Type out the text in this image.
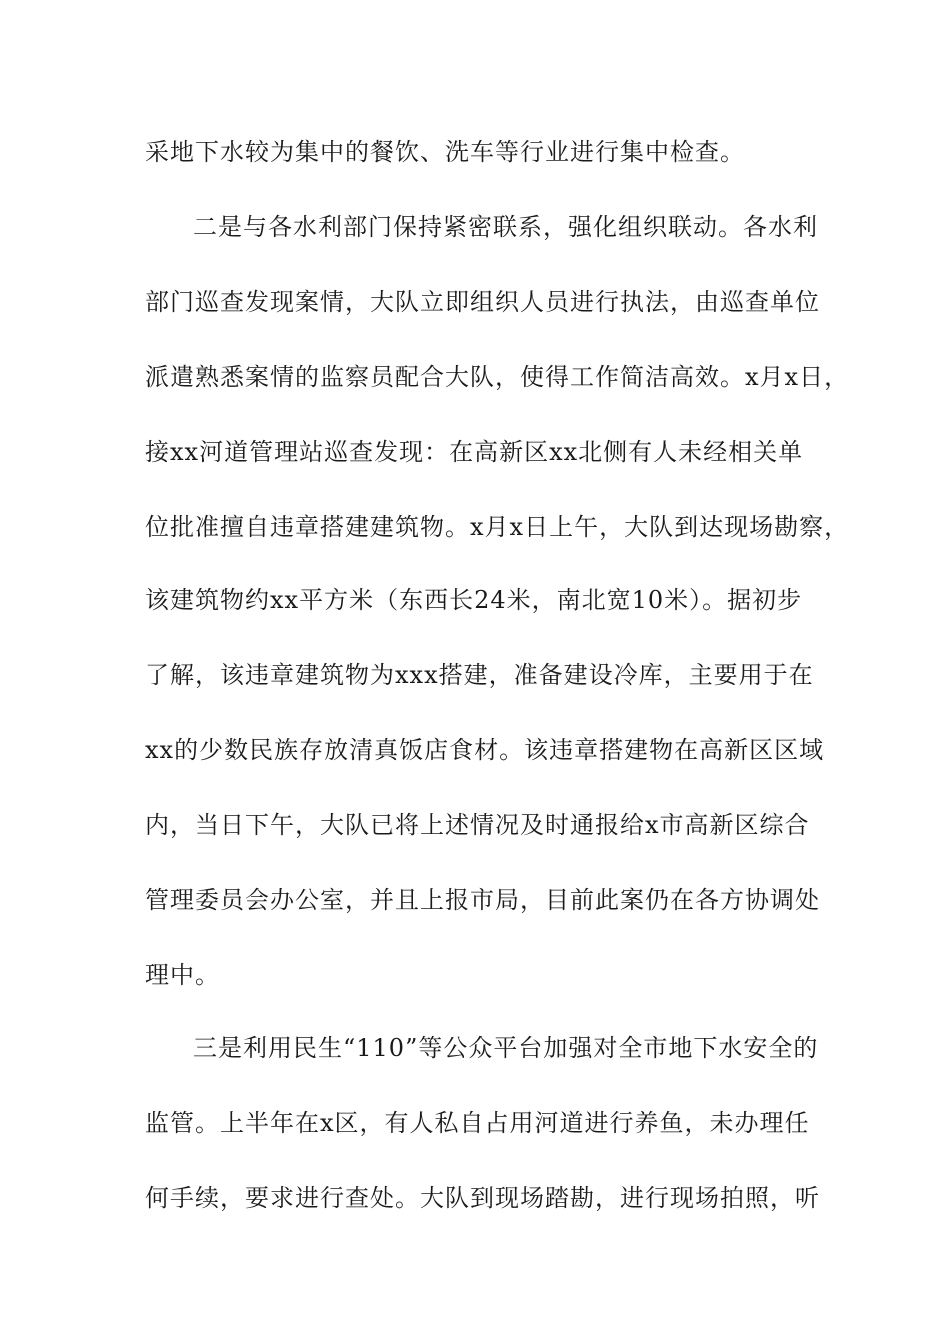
采地下水较为集中的餐饮、洗车等行业进行集中检查。
二是与各水利部门保持紧密联系，强化组织联动。各水利
部门巡查发现案情，大队立即组织人员进行执法，由巡查单位
派遣熟悉案情的监察员配合大队，使得工作简洁高效。x月x日，
接xx河道管理站巡查发现：在高新区xx北侧有人未经相关单
位批准擅自违章搭建建筑物。x月x日上午，大队到达现场勘察，
该建筑物约xx平方米（东西长24米，南北宽10米）。据初步
了解，该违章建筑物为xxx搭建，准备建设冷库，主要用于在
xx的少数民族存放清真饭店食材。该违章搭建物在高新区区域
内，当日下午，大队已将上述情况及时通报给x市高新区综合
管理委员会办公室，并且上报市局，目前此案仍在各方协调处
理中。
三是利用民生“110”等公众平台加强对全市地下水安全的
监管。上半年在x区，有人私自占用河道进行养鱼，未办理任
何手续，要求进行查处。大队到现场踏勘，进行现场拍照，听
